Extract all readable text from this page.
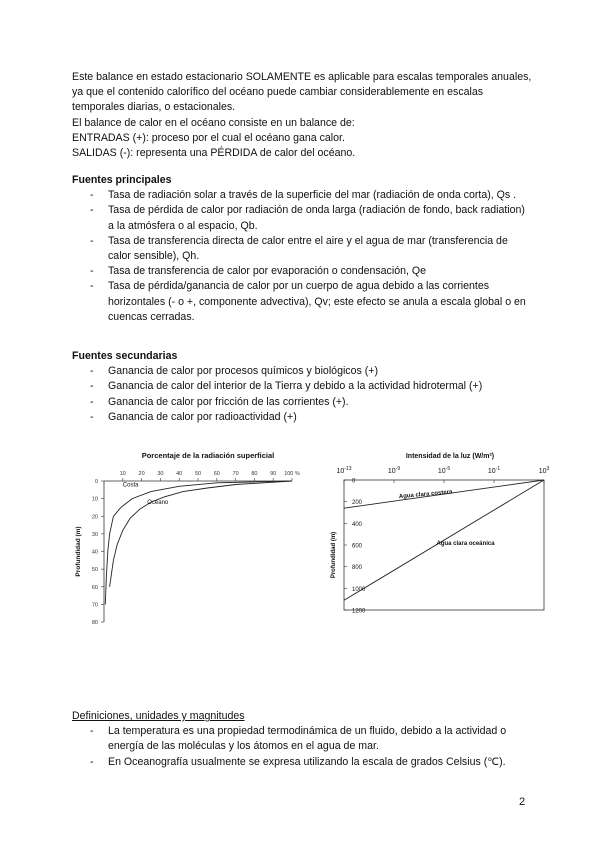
Este balance en estado estacionario SOLAMENTE es aplicable para escalas temporales anuales, ya que el contenido calorífico del océano puede cambiar considerablemente en escalas temporales diarias, o estacionales.

El balance de calor en el océano consiste en un balance de:

ENTRADAS (+): proceso por el cual el océano gana calor.

SALIDAS (-): representa una PÉRDIDA de calor del océano.

Fuentes principales

- Tasa de radiación solar a través de la superficie del mar (radiación de onda corta), Qs .
- Tasa de pérdida de calor por radiación de onda larga (radiación de fondo, back radiation) a la atmósfera o al espacio, Qb.
- Tasa de transferencia directa de calor entre el aire y el agua de mar (transferencia de calor sensible), Qh.
- Tasa de transferencia de calor por evaporación o condensación, Qe
- Tasa de pérdida/ganancia de calor por un cuerpo de agua debido a las corrientes horizontales (- o +, componente advectiva), Qv; este efecto se anula a escala global o en cuencas cerradas.

Fuentes secundarias

- Ganancia de calor por procesos químicos y biológicos (+)
- Ganancia de calor del interior de la Tierra y debido a la actividad hidrotermal (+)
- Ganancia de calor por fricción de las corrientes (+).
- Ganancia de calor por radioactividad (+)
Porcentaje de la radiación superficial
10 20 30 40 50 60 70 80 90 100 %
0
10
20
30
40
50
60
70
80
Profundidad (m)
Costa
Océano
Intensidad de la luz (W/m²)
$10^{-13}$	$10^{-9}$	$10^{-5}$	$10^{-1}$	$10^3$
0
200
400
600
800
1000
1200
Profundidad (m)
Agua clara costera
Agua clara oceánica

Definiciones, unidades y magnitudes

- La temperatura es una propiedad termodinámica de un fluido, debido a la actividad o energía de las moléculas y los átomos en el agua de mar.
- En Oceanografía usualmente se expresa utilizando la escala de grados Celsius (℃).
2
